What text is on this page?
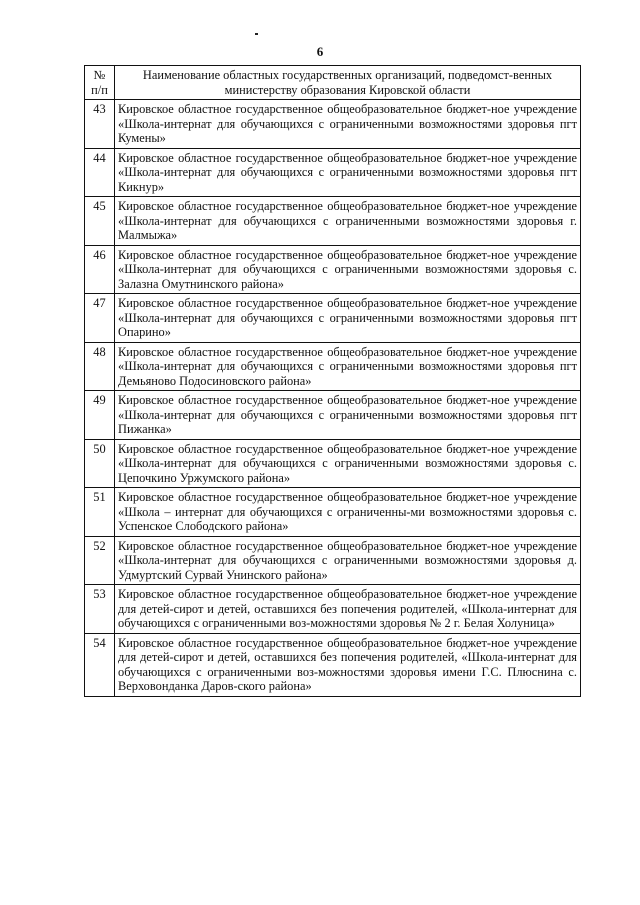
6
№
п/п	Наименование областных государственных организаций, подведомст-венных министерству образования Кировской области
43	Кировское областное государственное общеобразовательное бюджет-ное учреждение «Школа-интернат для обучающихся с ограниченными возможностями здоровья пгт Кумены»
44	Кировское областное государственное общеобразовательное бюджет-ное учреждение «Школа-интернат для обучающихся с ограниченными возможностями здоровья пгт Кикнур»
45	Кировское областное государственное общеобразовательное бюджет-ное учреждение «Школа-интернат для обучающихся с ограниченными возможностями здоровья г. Малмыжа»
46	Кировское областное государственное общеобразовательное бюджет-ное учреждение «Школа-интернат для обучающихся с ограниченными возможностями здоровья с. Залазна Омутнинского района»
47	Кировское областное государственное общеобразовательное бюджет-ное учреждение «Школа-интернат для обучающихся с ограниченными возможностями здоровья пгт Опарино»
48	Кировское областное государственное общеобразовательное бюджет-ное учреждение «Школа-интернат для обучающихся с ограниченными возможностями здоровья пгт Демьяново Подосиновского района»
49	Кировское областное государственное общеобразовательное бюджет-ное учреждение «Школа-интернат для обучающихся с ограниченными возможностями здоровья пгт Пижанка»
50	Кировское областное государственное общеобразовательное бюджет-ное учреждение «Школа-интернат для обучающихся с ограниченными возможностями здоровья с. Цепочкино Уржумского района»
51	Кировское областное государственное общеобразовательное бюджет-ное учреждение «Школа – интернат для обучающихся с ограниченны-ми возможностями здоровья с. Успенское Слободского района»
52	Кировское областное государственное общеобразовательное бюджет-ное учреждение «Школа-интернат для обучающихся с ограниченными возможностями здоровья д. Удмуртский Сурвай Унинского района»
53	Кировское областное государственное общеобразовательное бюджет-ное учреждение для детей-сирот и детей, оставшихся без попечения родителей, «Школа-интернат для обучающихся с ограниченными воз-можностями здоровья № 2 г. Белая Холуница»
54	Кировское областное государственное общеобразовательное бюджет-ное учреждение для детей-сирот и детей, оставшихся без попечения родителей, «Школа-интернат для обучающихся с ограниченными воз-можностями здоровья имени Г.С. Плюснина с. Верховонданка Даров-ского района»
